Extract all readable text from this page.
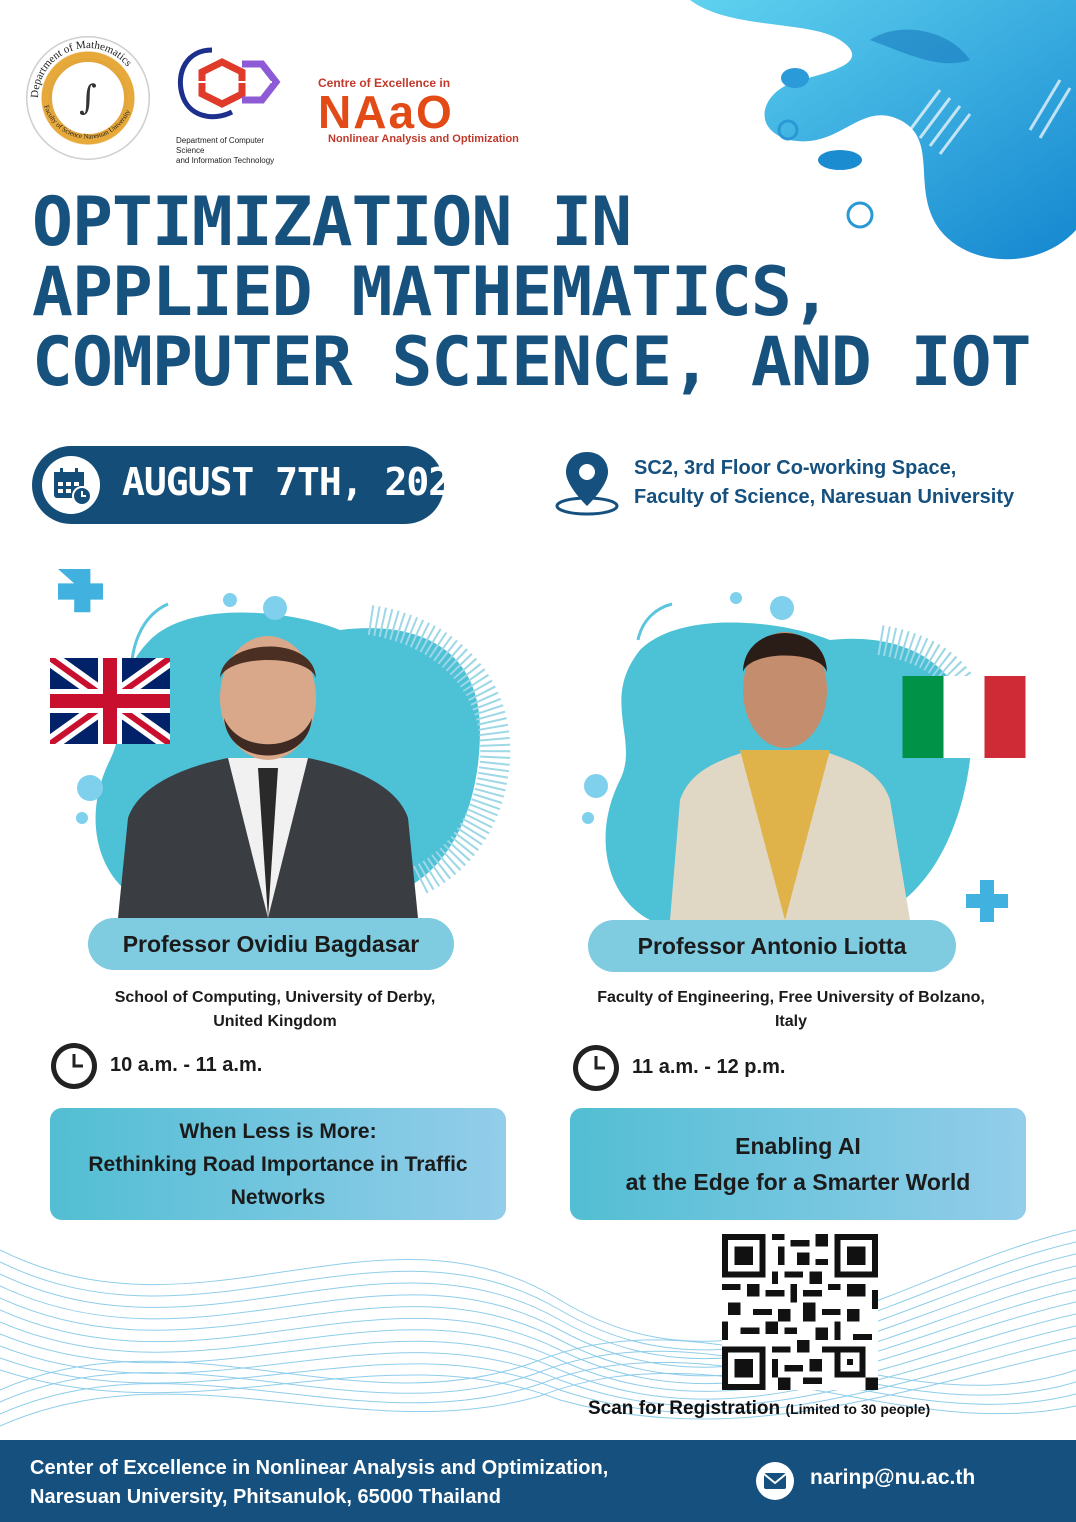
Department of Mathematics
Faculty of Science Naresuan University
∫
Department of Computer Science
and Information Technology
Centre of Excellence in
NAaO
Nonlinear Analysis and Optimization
OPTIMIZATION IN
APPLIED MATHEMATICS,
COMPUTER SCIENCE, AND IOT
AUGUST 7TH, 2025	SC2, 3rd Floor Co-working Space,
Faculty of Science, Naresuan University
Professor Ovidiu Bagdasar
School of Computing, University of Derby,
United Kingdom
10 a.m. - 11 a.m.
When Less is More:
Rethinking Road Importance in Traffic
Networks
Professor Antonio Liotta
Faculty of Engineering, Free University of Bolzano,
Italy
11 a.m. - 12 p.m.
Enabling AI
at the Edge for a Smarter World
Scan for Registration (Limited to 30 people)
Center of Excellence in Nonlinear Analysis and Optimization,
Naresuan University, Phitsanulok, 65000 Thailand
narinp@nu.ac.th
